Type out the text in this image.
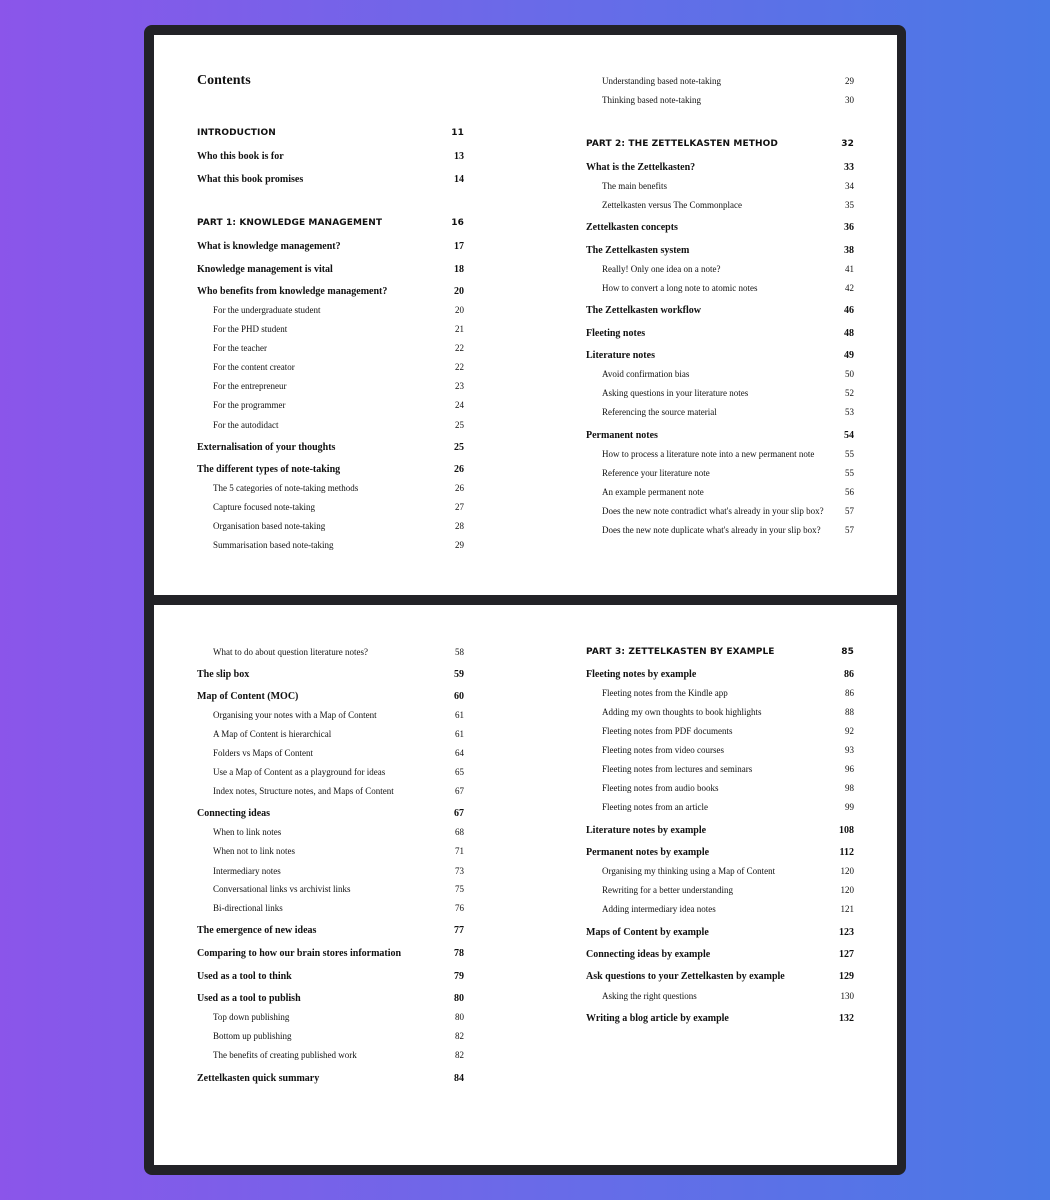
Contents
INTRODUCTION	11
Who this book is for	13
What this book promises	14
PART 1: KNOWLEDGE MANAGEMENT	16
What is knowledge management?	17
Knowledge management is vital	18
Who benefits from knowledge management?	20
For the undergraduate student	20
For the PHD student	21
For the teacher	22
For the content creator	22
For the entrepreneur	23
For the programmer	24
For the autodidact	25
Externalisation of your thoughts	25
The different types of note-taking	26
The 5 categories of note-taking methods	26
Capture focused note-taking	27
Organisation based note-taking	28
Summarisation based note-taking	29
Understanding based note-taking	29
Thinking based note-taking	30
PART 2: THE ZETTELKASTEN METHOD	32
What is the Zettelkasten?	33
The main benefits	34
Zettelkasten versus The Commonplace	35
Zettelkasten concepts	36
The Zettelkasten system	38
Really! Only one idea on a note?	41
How to convert a long note to atomic notes	42
The Zettelkasten workflow	46
Fleeting notes	48
Literature notes	49
Avoid confirmation bias	50
Asking questions in your literature notes	52
Referencing the source material	53
Permanent notes	54
How to process a literature note into a new permanent note	55
Reference your literature note	55
An example permanent note	56
Does the new note contradict what's already in your slip box? 57
Does the new note duplicate what's already in your slip box?	57
What to do about question literature notes?	58
The slip box	59
Map of Content (MOC)	60
Organising your notes with a Map of Content	61
A Map of Content is hierarchical	61
Folders vs Maps of Content	64
Use a Map of Content as a playground for ideas	65
Index notes, Structure notes, and Maps of Content	67
Connecting ideas	67
When to link notes	68
When not to link notes	71
Intermediary notes	73
Conversational links vs archivist links	75
Bi-directional links	76
The emergence of new ideas	77
Comparing to how our brain stores information	78
Used as a tool to think	79
Used as a tool to publish	80
Top down publishing	80
Bottom up publishing	82
The benefits of creating published work	82
Zettelkasten quick summary	84
PART 3: ZETTELKASTEN BY EXAMPLE	85
Fleeting notes by example	86
Fleeting notes from the Kindle app	86
Adding my own thoughts to book highlights	88
Fleeting notes from PDF documents	92
Fleeting notes from video courses	93
Fleeting notes from lectures and seminars	96
Fleeting notes from audio books	98
Fleeting notes from an article	99
Literature notes by example	108
Permanent notes by example	112
Organising my thinking using a Map of Content	120
Rewriting for a better understanding	120
Adding intermediary idea notes	121
Maps of Content by example	123
Connecting ideas by example	127
Ask questions to your Zettelkasten by example	129
Asking the right questions	130
Writing a blog article by example	132
